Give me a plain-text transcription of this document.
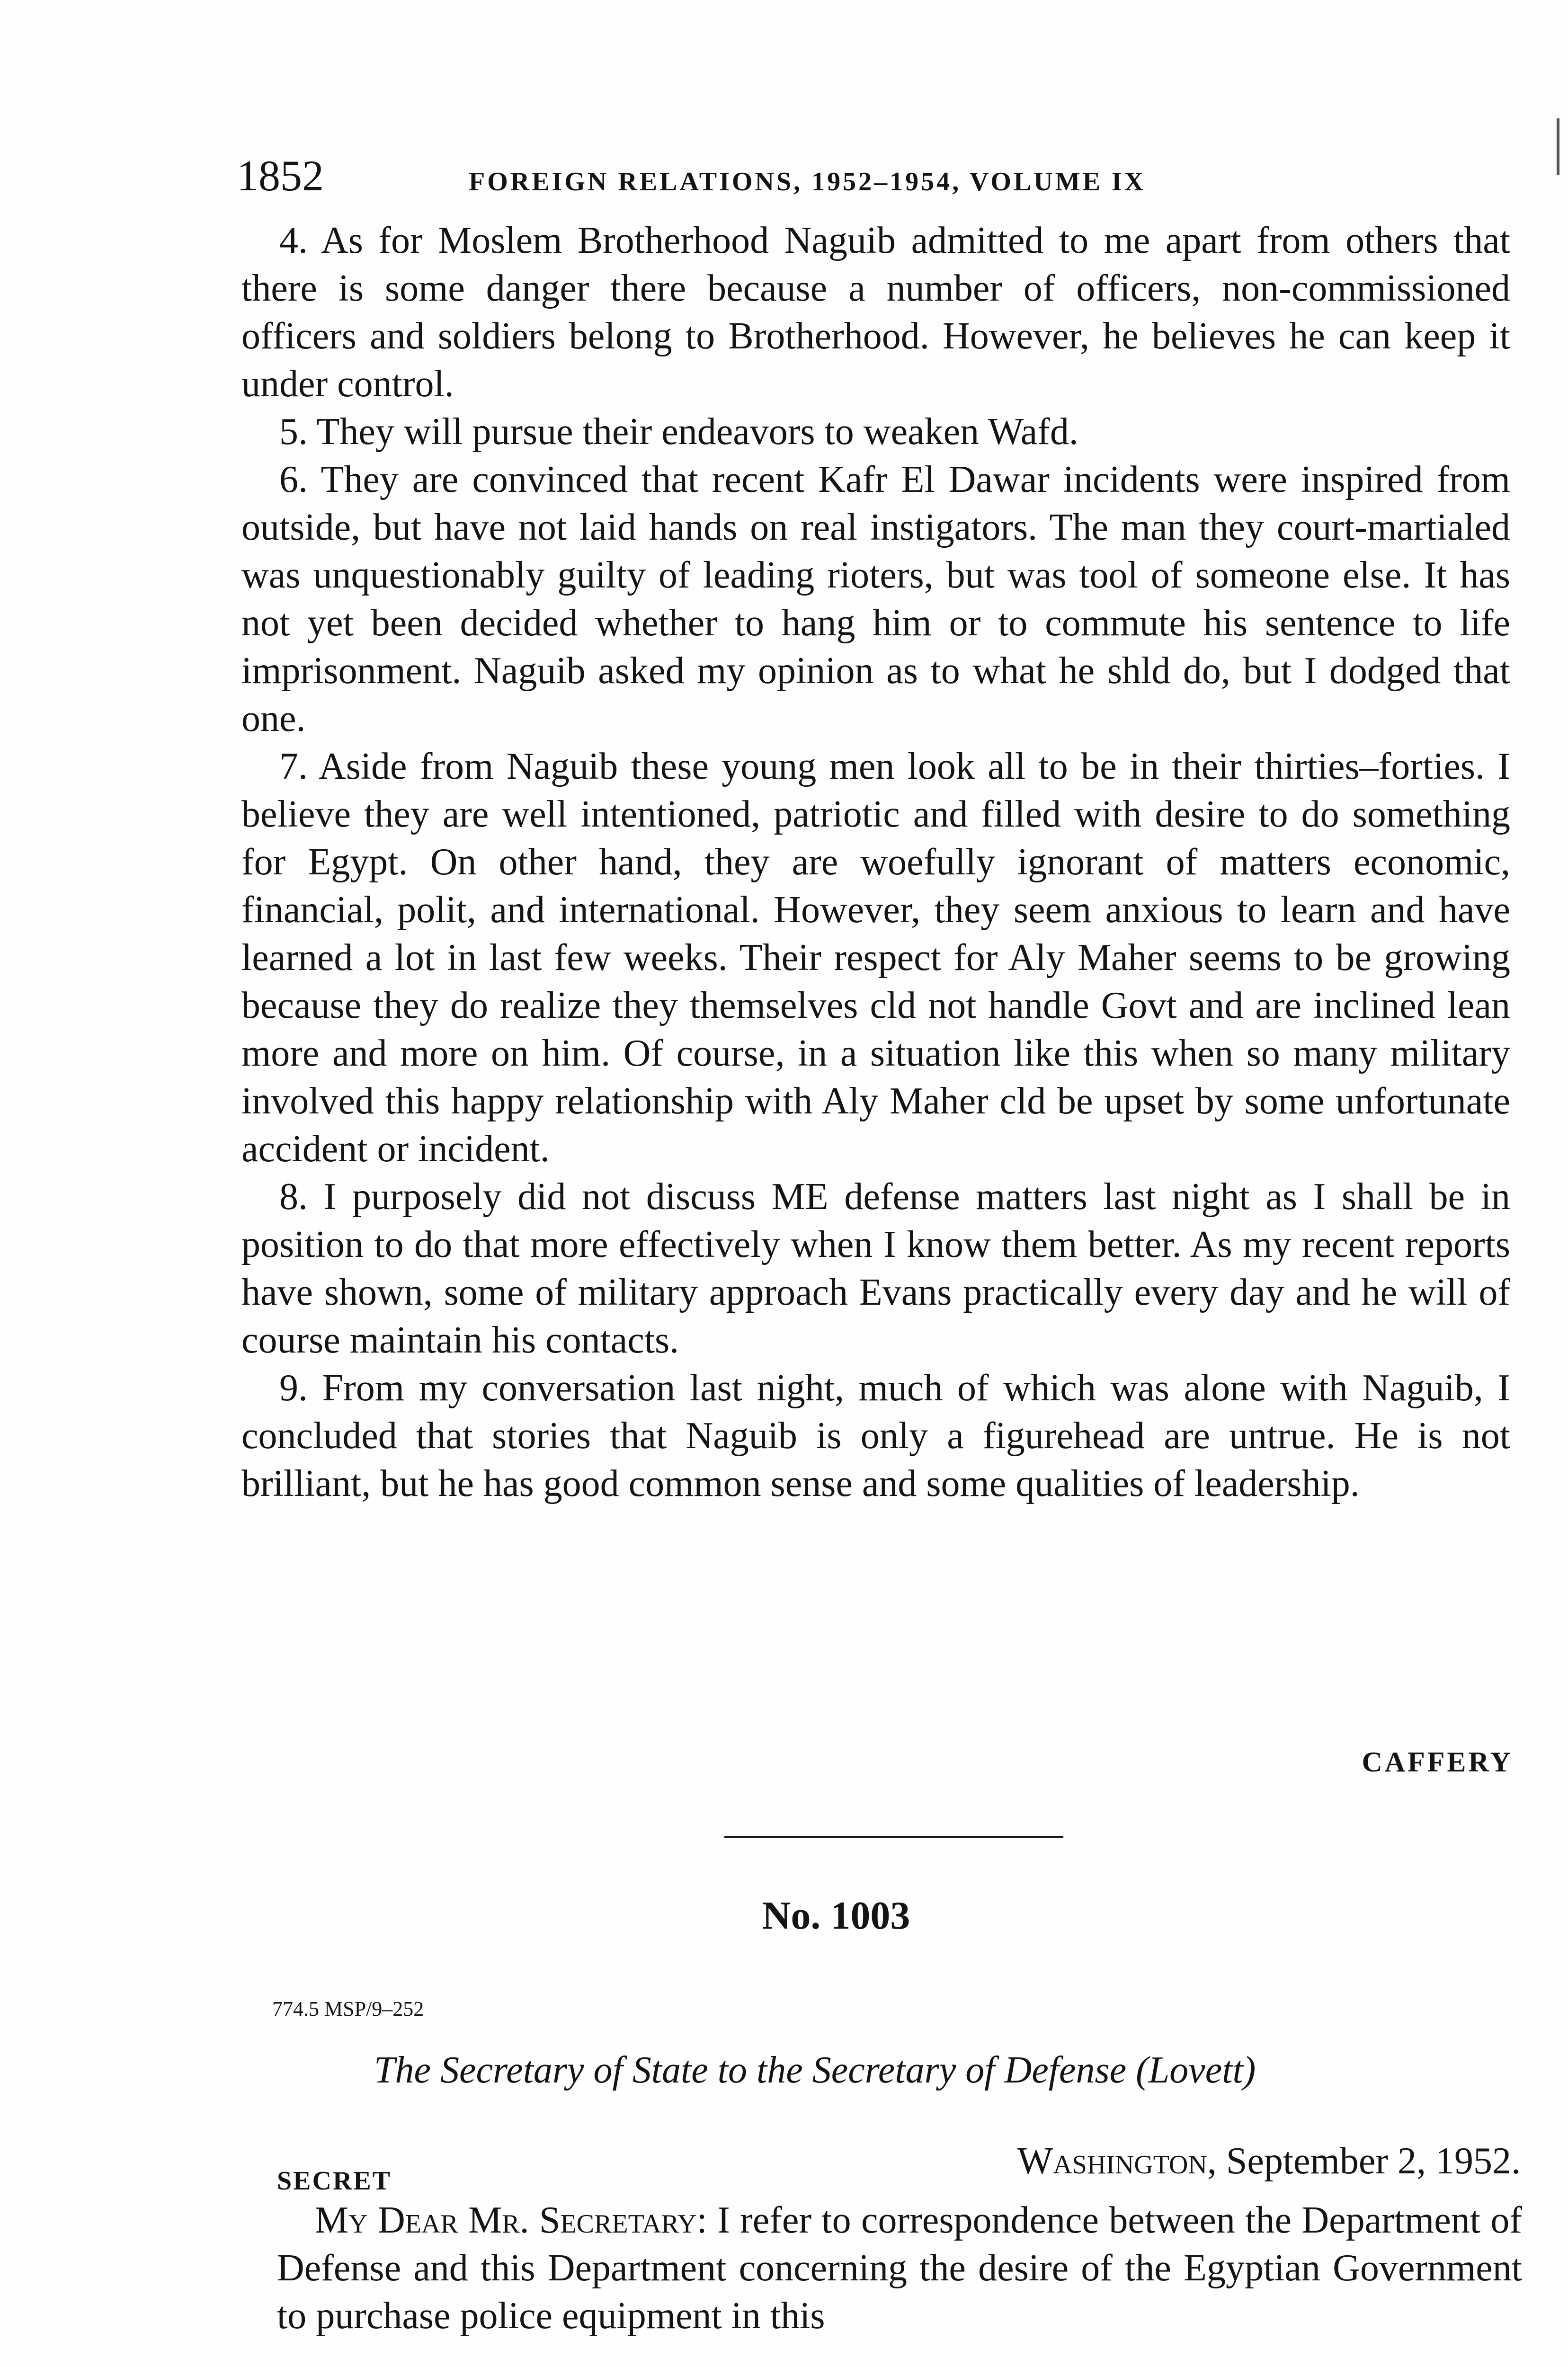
1852	FOREIGN RELATIONS, 1952–1954, VOLUME IX

4. As for Moslem Brotherhood Naguib admitted to me apart from others that there is some danger there because a number of officers, non-commissioned officers and soldiers belong to Brotherhood. However, he believes he can keep it under control.

5. They will pursue their endeavors to weaken Wafd.

6. They are convinced that recent Kafr El Dawar incidents were inspired from outside, but have not laid hands on real instigators. The man they court-martialed was unquestionably guilty of leading rioters, but was tool of someone else. It has not yet been decided whether to hang him or to commute his sentence to life imprisonment. Naguib asked my opinion as to what he shld do, but I dodged that one.

7. Aside from Naguib these young men look all to be in their thirties–forties. I believe they are well intentioned, patriotic and filled with desire to do something for Egypt. On other hand, they are woefully ignorant of matters economic, financial, polit, and international. However, they seem anxious to learn and have learned a lot in last few weeks. Their respect for Aly Maher seems to be growing because they do realize they themselves cld not handle Govt and are inclined lean more and more on him. Of course, in a situation like this when so many military involved this happy relationship with Aly Maher cld be upset by some unfortunate accident or incident.

8. I purposely did not discuss ME defense matters last night as I shall be in position to do that more effectively when I know them better. As my recent reports have shown, some of military approach Evans practically every day and he will of course maintain his contacts.

9. From my conversation last night, much of which was alone with Naguib, I concluded that stories that Naguib is only a figurehead are untrue. He is not brilliant, but he has good common sense and some qualities of leadership.

CAFFERY
No. 1003
774.5 MSP/9–252
The Secretary of State to the Secretary of Defense (Lovett)
SECRET	Washington, September 2, 1952.

My Dear Mr. Secretary: I refer to correspondence between the Department of Defense and this Department concerning the desire of the Egyptian Government to purchase police equipment in this
